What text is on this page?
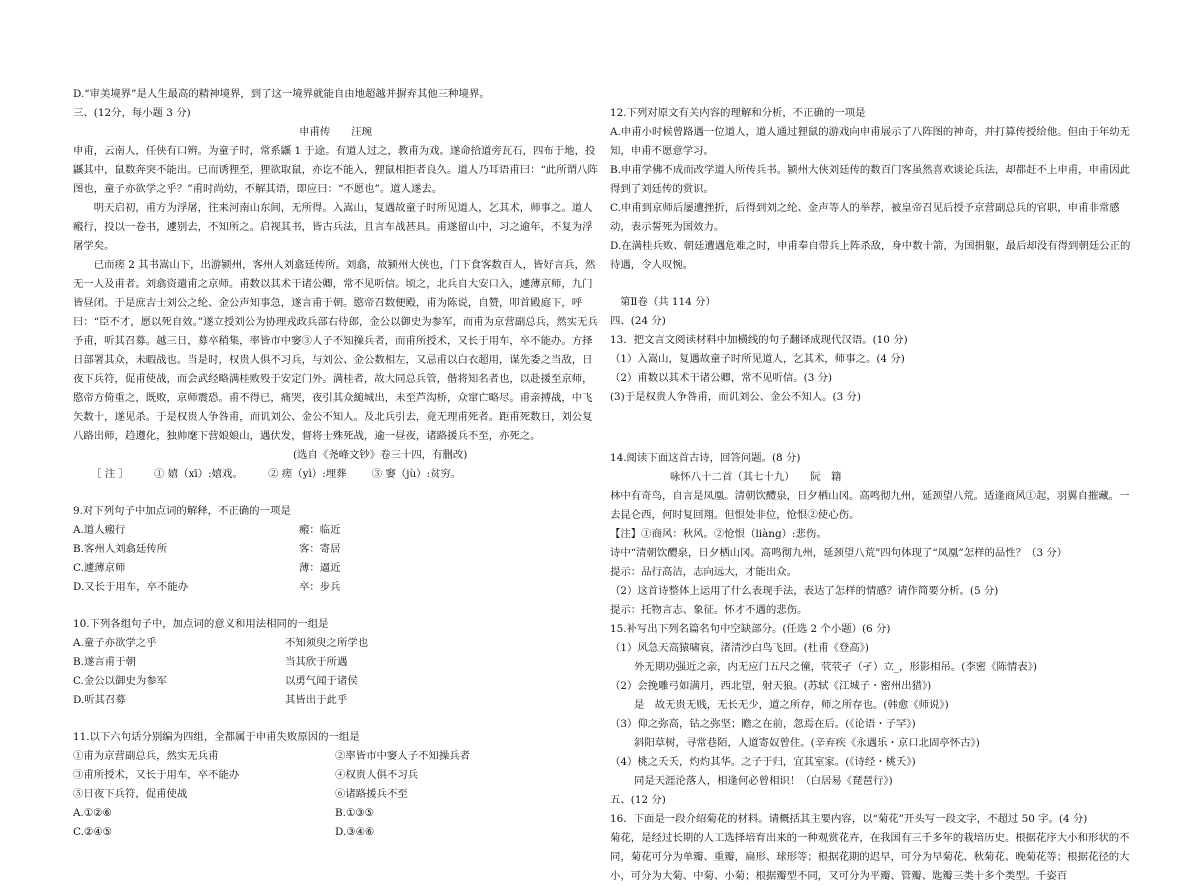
D.“审美境界”是人生最高的精神境界，到了这一境界就能自由地超越并摒弃其他三种境界。

三、(12分，每小题 3 分)

申甫传　　汪琬

申甫，云南人，任侠有口辨。为童子时，常系鼷 1 于途。有道人过之，教甫为戏。遂命拾道旁瓦石，四布于地，投鼷其中，鼠数奔突不能出。已而诱狸至，狸欲取鼠，亦讫不能入，狸鼠相拒者良久。道人乃耳语甫曰：“此所谓八阵图也，童子亦欲学之乎？”甫时尚幼，不解其语，即应曰：“不愿也”。道人遂去。

明天启初，甫方为浮屠，往来河南山东间，无所得。入嵩山，复遇故童子时所见道人，乞其术，师事之。道人瘢行，投以一卷书，遽别去，不知所之。启视其书，皆古兵法，且言车战甚具。甫遂留山中，习之逾年，不复为浮屠学矣。

已而瘥 2 其书嵩山下，出游颍州，客州人刘翕廷传所。刘翕，故颍州大侠也，门下食客数百人，皆好言兵，然无一人及甫者。刘翕资遣甫之京师。甫数以其术干诸公卿，常不见听信。顷之，北兵自大安口入，遽薄京师，九门皆昼闭。于是庶吉士刘公之纶、金公声知事急，遂言甫于朝。愍帝召数便殿，甫为陈说，自赞，叩首殿庭下，呼曰：“臣不才，愿以死自效。”遂立授刘公为协理戎政兵部右侍郎，金公以御史为参军，而甫为京营副总兵，然实无兵予甫，听其召募。越三日，募卒稍集，率皆市中窭③人子不知操兵者，而甫所授术，又长于用车，卒不能办。方择日部署其众，未暇战也。当是时，权贵人俱不习兵，与刘公、金公数相左，又忌甫以白衣超用，谋先委之当敌，日夜下兵符，促甫使战，而会武经略满桂败殁于安定门外。满桂者，故大同总兵管，偕将知名者也，以赴援至京师，愍帝方倚重之，既败，京师震恐。甫不得已，痛哭，夜引其众縋城出，未至芦沟桥，众窜亡略尽。甫亲搏战，中飞矢数十，遂见杀。于是权贵人争咎甫，而讥刘公、金公不知人。及北兵引去，竟无理甫死者。距甫死数日，刘公复八路出师，趋遵化，独帅麾下营娘娘山，遇伏发，督将士殊死战，逾一昼夜，诸路援兵不至，亦死之。

(选自《尧峰文钞》卷三十四，有删改)

［ 注 ］ ① 嬉（xī）:嬉戏。 ② 瘥（yì）:埋葬 ③ 窭（jù）:贫穷。

9.对下列句子中加点词的解释，不正确的一项是

A.道人瘢行	瘢：临近
B.客州人刘翕廷传所	客：寄居
C.遽薄京师	薄：逼近
D.又长于用车，卒不能办	卒：步兵

10.下列各组句子中，加点词的意义和用法相同的一组是

A.童子亦欲学之乎	不知须臾之所学也
B.遂言甫于朝	当其欣于所遇
C.金公以御史为参军	以勇气闻于诸侯
D.听其召募	其皆出于此乎

11.以下六句话分别编为四组，全都属于申甫失败原因的一组是

①甫为京营副总兵，然实无兵甫	②率皆市中窭人子不知操兵者
③甫所授术，又长于用车，卒不能办	④权贵人俱不习兵
⑤日夜下兵符，促甫使战	⑥诸路援兵不至
A.①②⑥	B.①③⑤
C.②④⑤	D.③④⑥

12.下列对原文有关内容的理解和分析，不正确的一项是

A.申甫小时候曾路遇一位道人，道人通过狸鼠的游戏向申甫展示了八阵图的神奇，并打算传授给他。但由于年幼无知，申甫不愿意学习。

B.申甫学佛不成而改学道人所传兵书。颍州大侠刘廷传的数百门客虽然喜欢谈论兵法，却都赶不上申甫，申甫因此得到了刘廷传的赏识。

C.申甫到京师后屡遭挫折，后得到刘之纶、金声等人的举荐，被皇帝召见后授予京营副总兵的官职，申甫非常感动，表示誓死为国效力。

D.在满桂兵败、朝廷遭遇危难之时，申甫奉自带兵上阵杀敌，身中数十箭，为国捐躯，最后却没有得到朝廷公正的待遇，令人叹惋。

第Ⅱ卷（共 114 分）

四、(24 分)

13．把文言文阅读材料中加横线的句子翻译成现代汉语。(10 分)

（1）入嵩山，复遇故童子时所见道人，乞其术，师事之。(4 分)

（2）甫数以其术干诸公卿，常不见听信。(3 分)

(3)于是权贵人争咎甫，而讥刘公、金公不知人。(3 分)

14.阅读下面这首古诗，回答问题。(8 分)

咏怀八十二首（其七十九）　　阮　籍

林中有奇鸟，自言是凤凰。清朝饮醴泉，日夕栖山冈。高鸣彻九州，延颈望八荒。适逢商风①起，羽翼自摧藏。一去昆仑西，何时复回翔。但恨处非位，怆恨②使心伤。

【注】①商风：秋风。②怆恨（liàng）:悲伤。

诗中“清朝饮醴泉，日夕栖山冈。高鸣彻九州，延颈望八荒”四句体现了“凤凰”怎样的品性？（3 分）

提示：品行高洁，志向远大，才能出众。

（2）这首诗整体上运用了什么表现手法，表达了怎样的情感？请作简要分析。(5 分)

提示：托物言志、象征。怀才不遇的悲伤。

15.补写出下列名篇名句中空缺部分。(任选 2 个小题）(6 分)

（1）风急天高猿啸哀，渚清沙白鸟飞回。(杜甫《登高》)

外无期功强近之亲，内无应门五尺之僮，茕茕孑（孑）立_，形影相吊。(李密《陈情表》)

（2）会挽雕弓如满月，西北望，射天狼。(苏轼《江城子・密州出猎》)

是　故无贵无贱，无长无少，道之所存，师之所存也。(韩愈《师说》)

（3）仰之弥高，钻之弥坚；瞻之在前，忽焉在后。(《论语・子罕》)

斜阳草树，寻常巷陌，人道寄奴曾住。(辛弃疾《永遇乐・京口北固亭怀古》)

（4）桃之夭夭，灼灼其华。之子于归，宜其室家。(《诗经・桃夭》)

同是天涯沦落人，相逢何必曾相识！（白居易《琵琶行》)

五、(12 分)

16．下面是一段介绍菊花的材料。请概括其主要内容，以“菊花”开头写一段文字，不超过 50 字。(4 分)

菊花，是经过长期的人工选择培育出来的一种观赏花卉，在我国有三千多年的栽培历史。根据花序大小和形状的不同，菊花可分为单瓣、重瓣，扁形、球形等；根据花期的迟早，可分为早菊花、秋菊花、晚菊花等；根据花径的大小，可分为大菊、中菊、小菊；根据瓣型不同，又可分为平瓣、管瓣、匙瓣三类十多个类型。千姿百
